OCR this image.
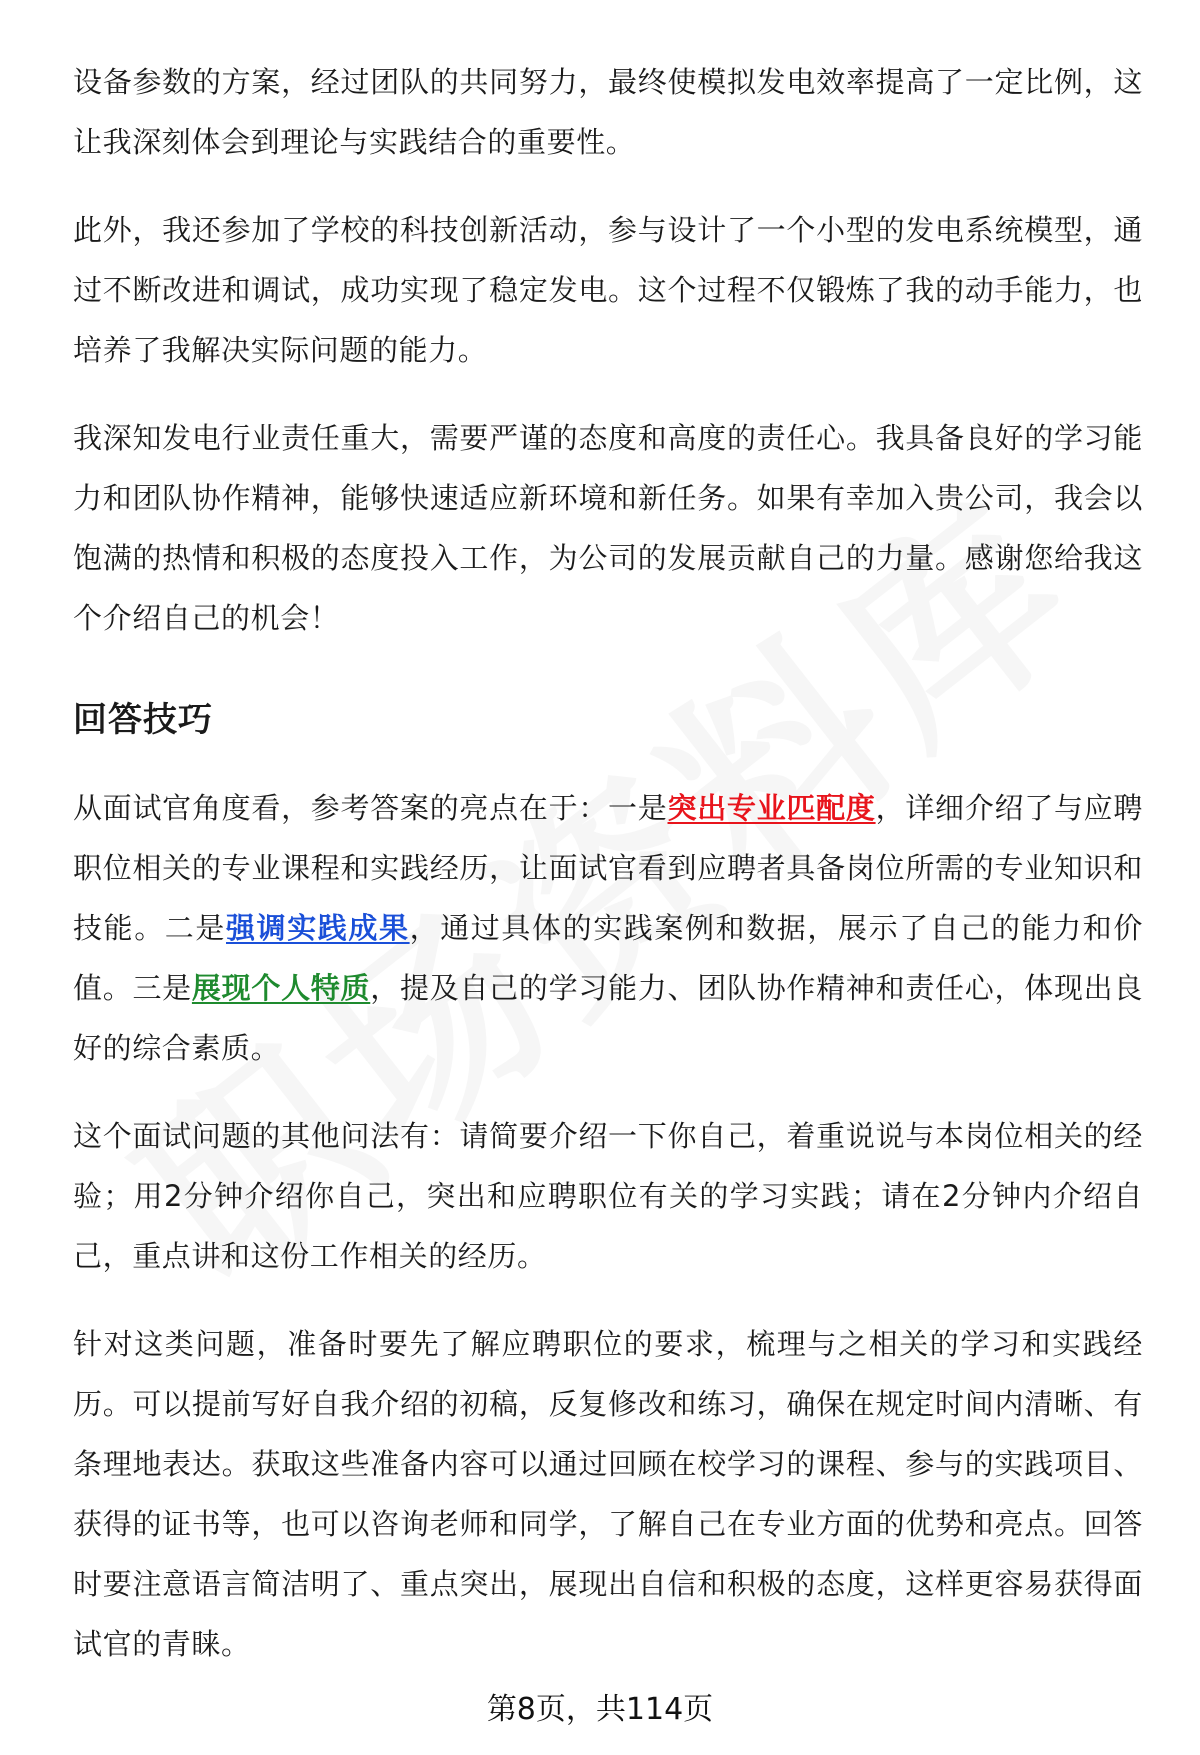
设备参数的方案，经过团队的共同努力，最终使模拟发电效率提高了一定比例，这让我深刻体会到理论与实践结合的重要性。

此外，我还参加了学校的科技创新活动，参与设计了一个小型的发电系统模型，通过不断改进和调试，成功实现了稳定发电。这个过程不仅锻炼了我的动手能力，也培养了我解决实际问题的能力。

我深知发电行业责任重大，需要严谨的态度和高度的责任心。我具备良好的学习能力和团队协作精神，能够快速适应新环境和新任务。如果有幸加入贵公司，我会以饱满的热情和积极的态度投入工作，为公司的发展贡献自己的力量。感谢您给我这个介绍自己的机会！

回答技巧

从面试官角度看，参考答案的亮点在于：一是突出专业匹配度，详细介绍了与应聘职位相关的专业课程和实践经历，让面试官看到应聘者具备岗位所需的专业知识和技能。二是强调实践成果，通过具体的实践案例和数据，展示了自己的能力和价值。三是展现个人特质，提及自己的学习能力、团队协作精神和责任心，体现出良好的综合素质。

这个面试问题的其他问法有：请简要介绍一下你自己，着重说说与本岗位相关的经验；用2分钟介绍你自己，突出和应聘职位有关的学习实践；请在2分钟内介绍自己，重点讲和这份工作相关的经历。

针对这类问题，准备时要先了解应聘职位的要求，梳理与之相关的学习和实践经历。可以提前写好自我介绍的初稿，反复修改和练习，确保在规定时间内清晰、有条理地表达。获取这些准备内容可以通过回顾在校学习的课程、参与的实践项目、获得的证书等，也可以咨询老师和同学，了解自己在专业方面的优势和亮点。回答时要注意语言简洁明了、重点突出，展现出自信和积极的态度，这样更容易获得面试官的青睐。

第8页，共114页
